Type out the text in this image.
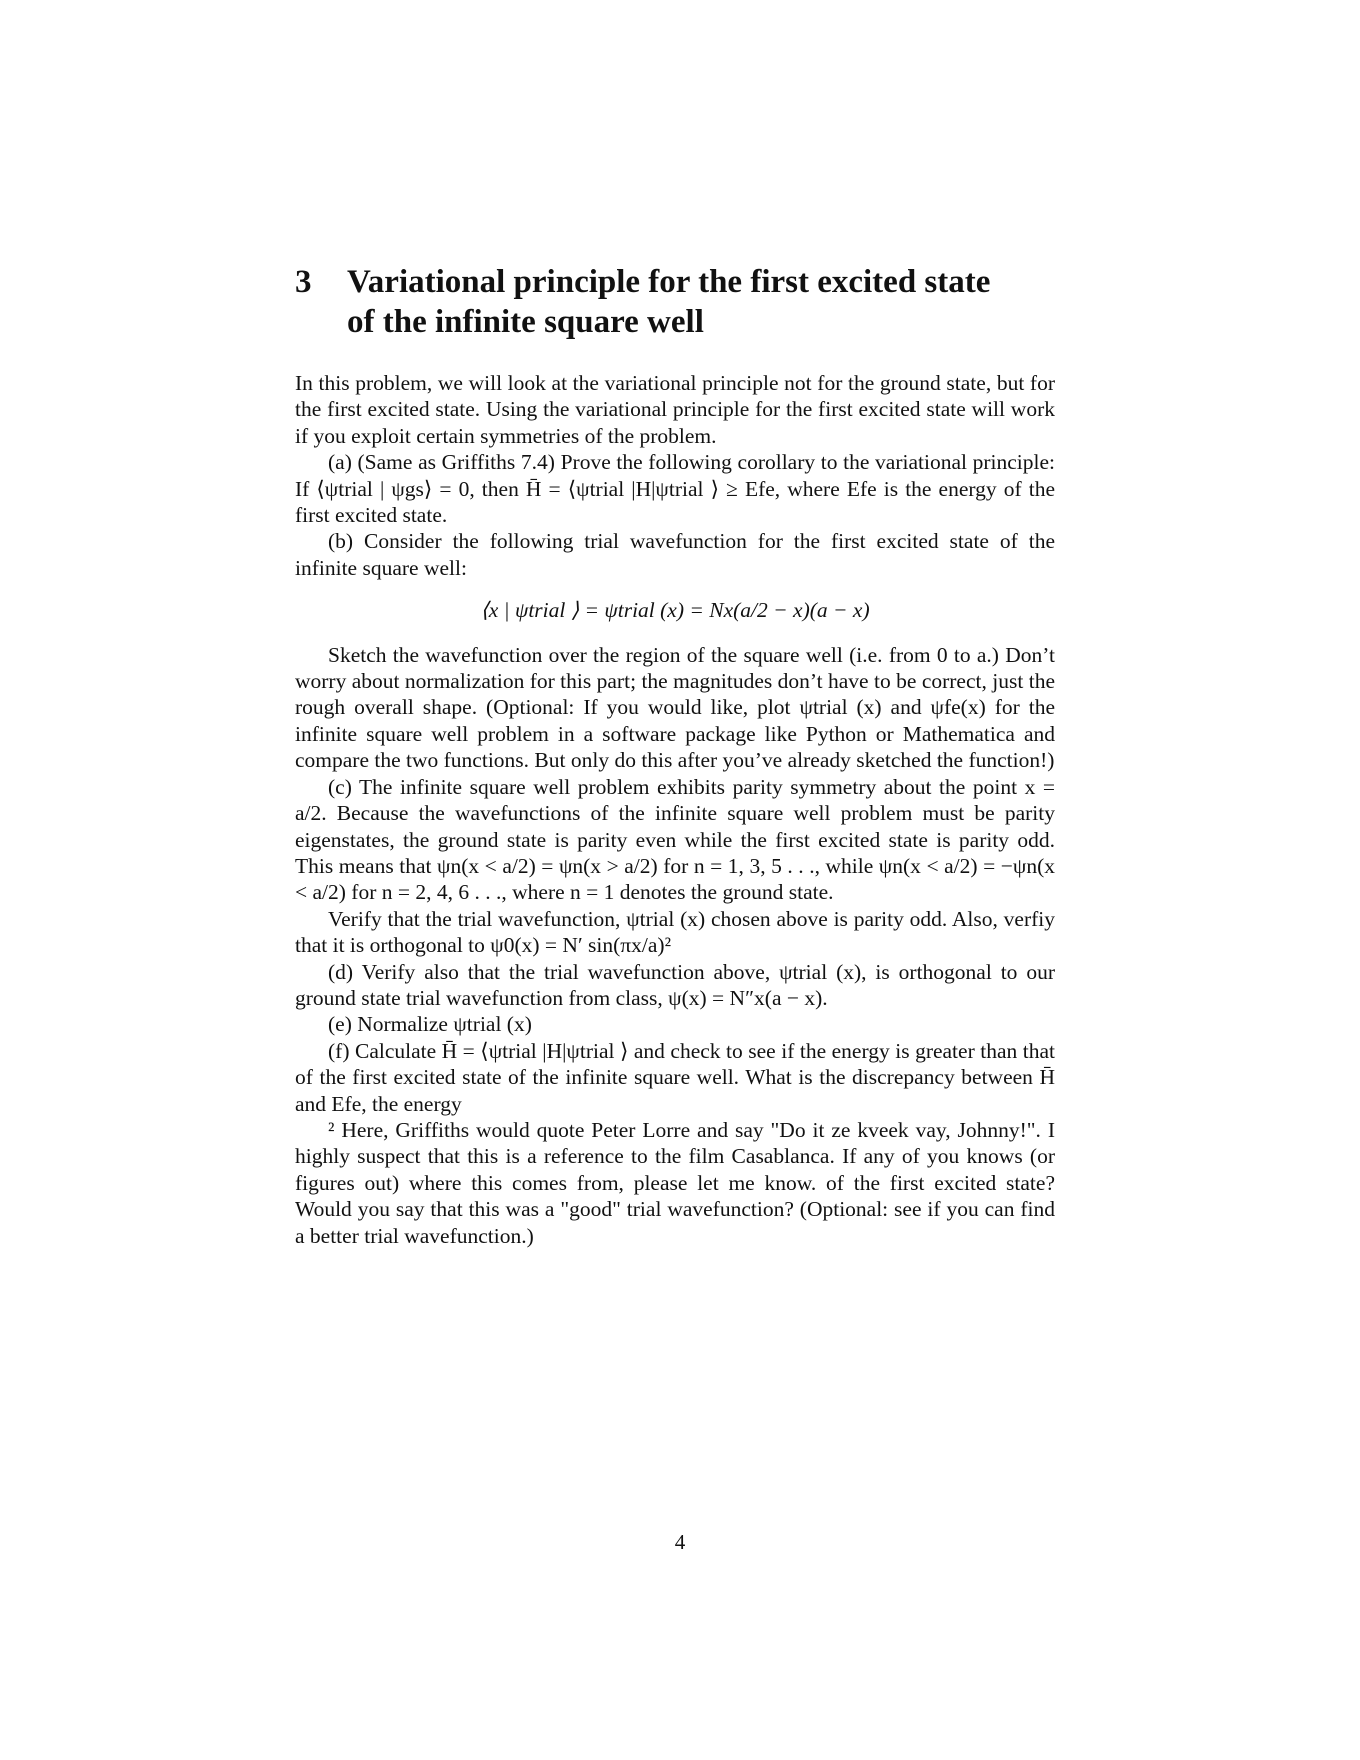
3	Variational principle for the first excited state
of the infinite square well

In this problem, we will look at the variational principle not for the ground state, but for the first excited state. Using the variational principle for the first excited state will work if you exploit certain symmetries of the problem.

(a) (Same as Griffiths 7.4) Prove the following corollary to the variational principle: If ⟨ψtrial | ψgs⟩ = 0, then H̄ = ⟨ψtrial |H|ψtrial ⟩ ≥ Efe, where Efe is the energy of the first excited state.

(b) Consider the following trial wavefunction for the first excited state of the infinite square well:

⟨x | ψtrial ⟩ = ψtrial (x) = Nx(a/2 − x)(a − x)

Sketch the wavefunction over the region of the square well (i.e. from 0 to a.) Don’t worry about normalization for this part; the magnitudes don’t have to be correct, just the rough overall shape. (Optional: If you would like, plot ψtrial (x) and ψfe(x) for the infinite square well problem in a software package like Python or Mathematica and compare the two functions. But only do this after you’ve already sketched the function!)

(c) The infinite square well problem exhibits parity symmetry about the point x = a/2. Because the wavefunctions of the infinite square well problem must be parity eigenstates, the ground state is parity even while the first excited state is parity odd. This means that ψn(x < a/2) = ψn(x > a/2) for n = 1, 3, 5 . . ., while ψn(x < a/2) = −ψn(x < a/2) for n = 2, 4, 6 . . ., where n = 1 denotes the ground state.

Verify that the trial wavefunction, ψtrial (x) chosen above is parity odd. Also, verfiy that it is orthogonal to ψ0(x) = N′ sin(πx/a)²

(d) Verify also that the trial wavefunction above, ψtrial (x), is orthogonal to our ground state trial wavefunction from class, ψ(x) = N″x(a − x).

(e) Normalize ψtrial (x)

(f) Calculate H̄ = ⟨ψtrial |H|ψtrial ⟩ and check to see if the energy is greater than that of the first excited state of the infinite square well. What is the discrepancy between H̄ and Efe, the energy

² Here, Griffiths would quote Peter Lorre and say "Do it ze kveek vay, Johnny!". I highly suspect that this is a reference to the film Casablanca. If any of you knows (or figures out) where this comes from, please let me know. of the first excited state? Would you say that this was a "good" trial wavefunction? (Optional: see if you can find a better trial wavefunction.)

4
